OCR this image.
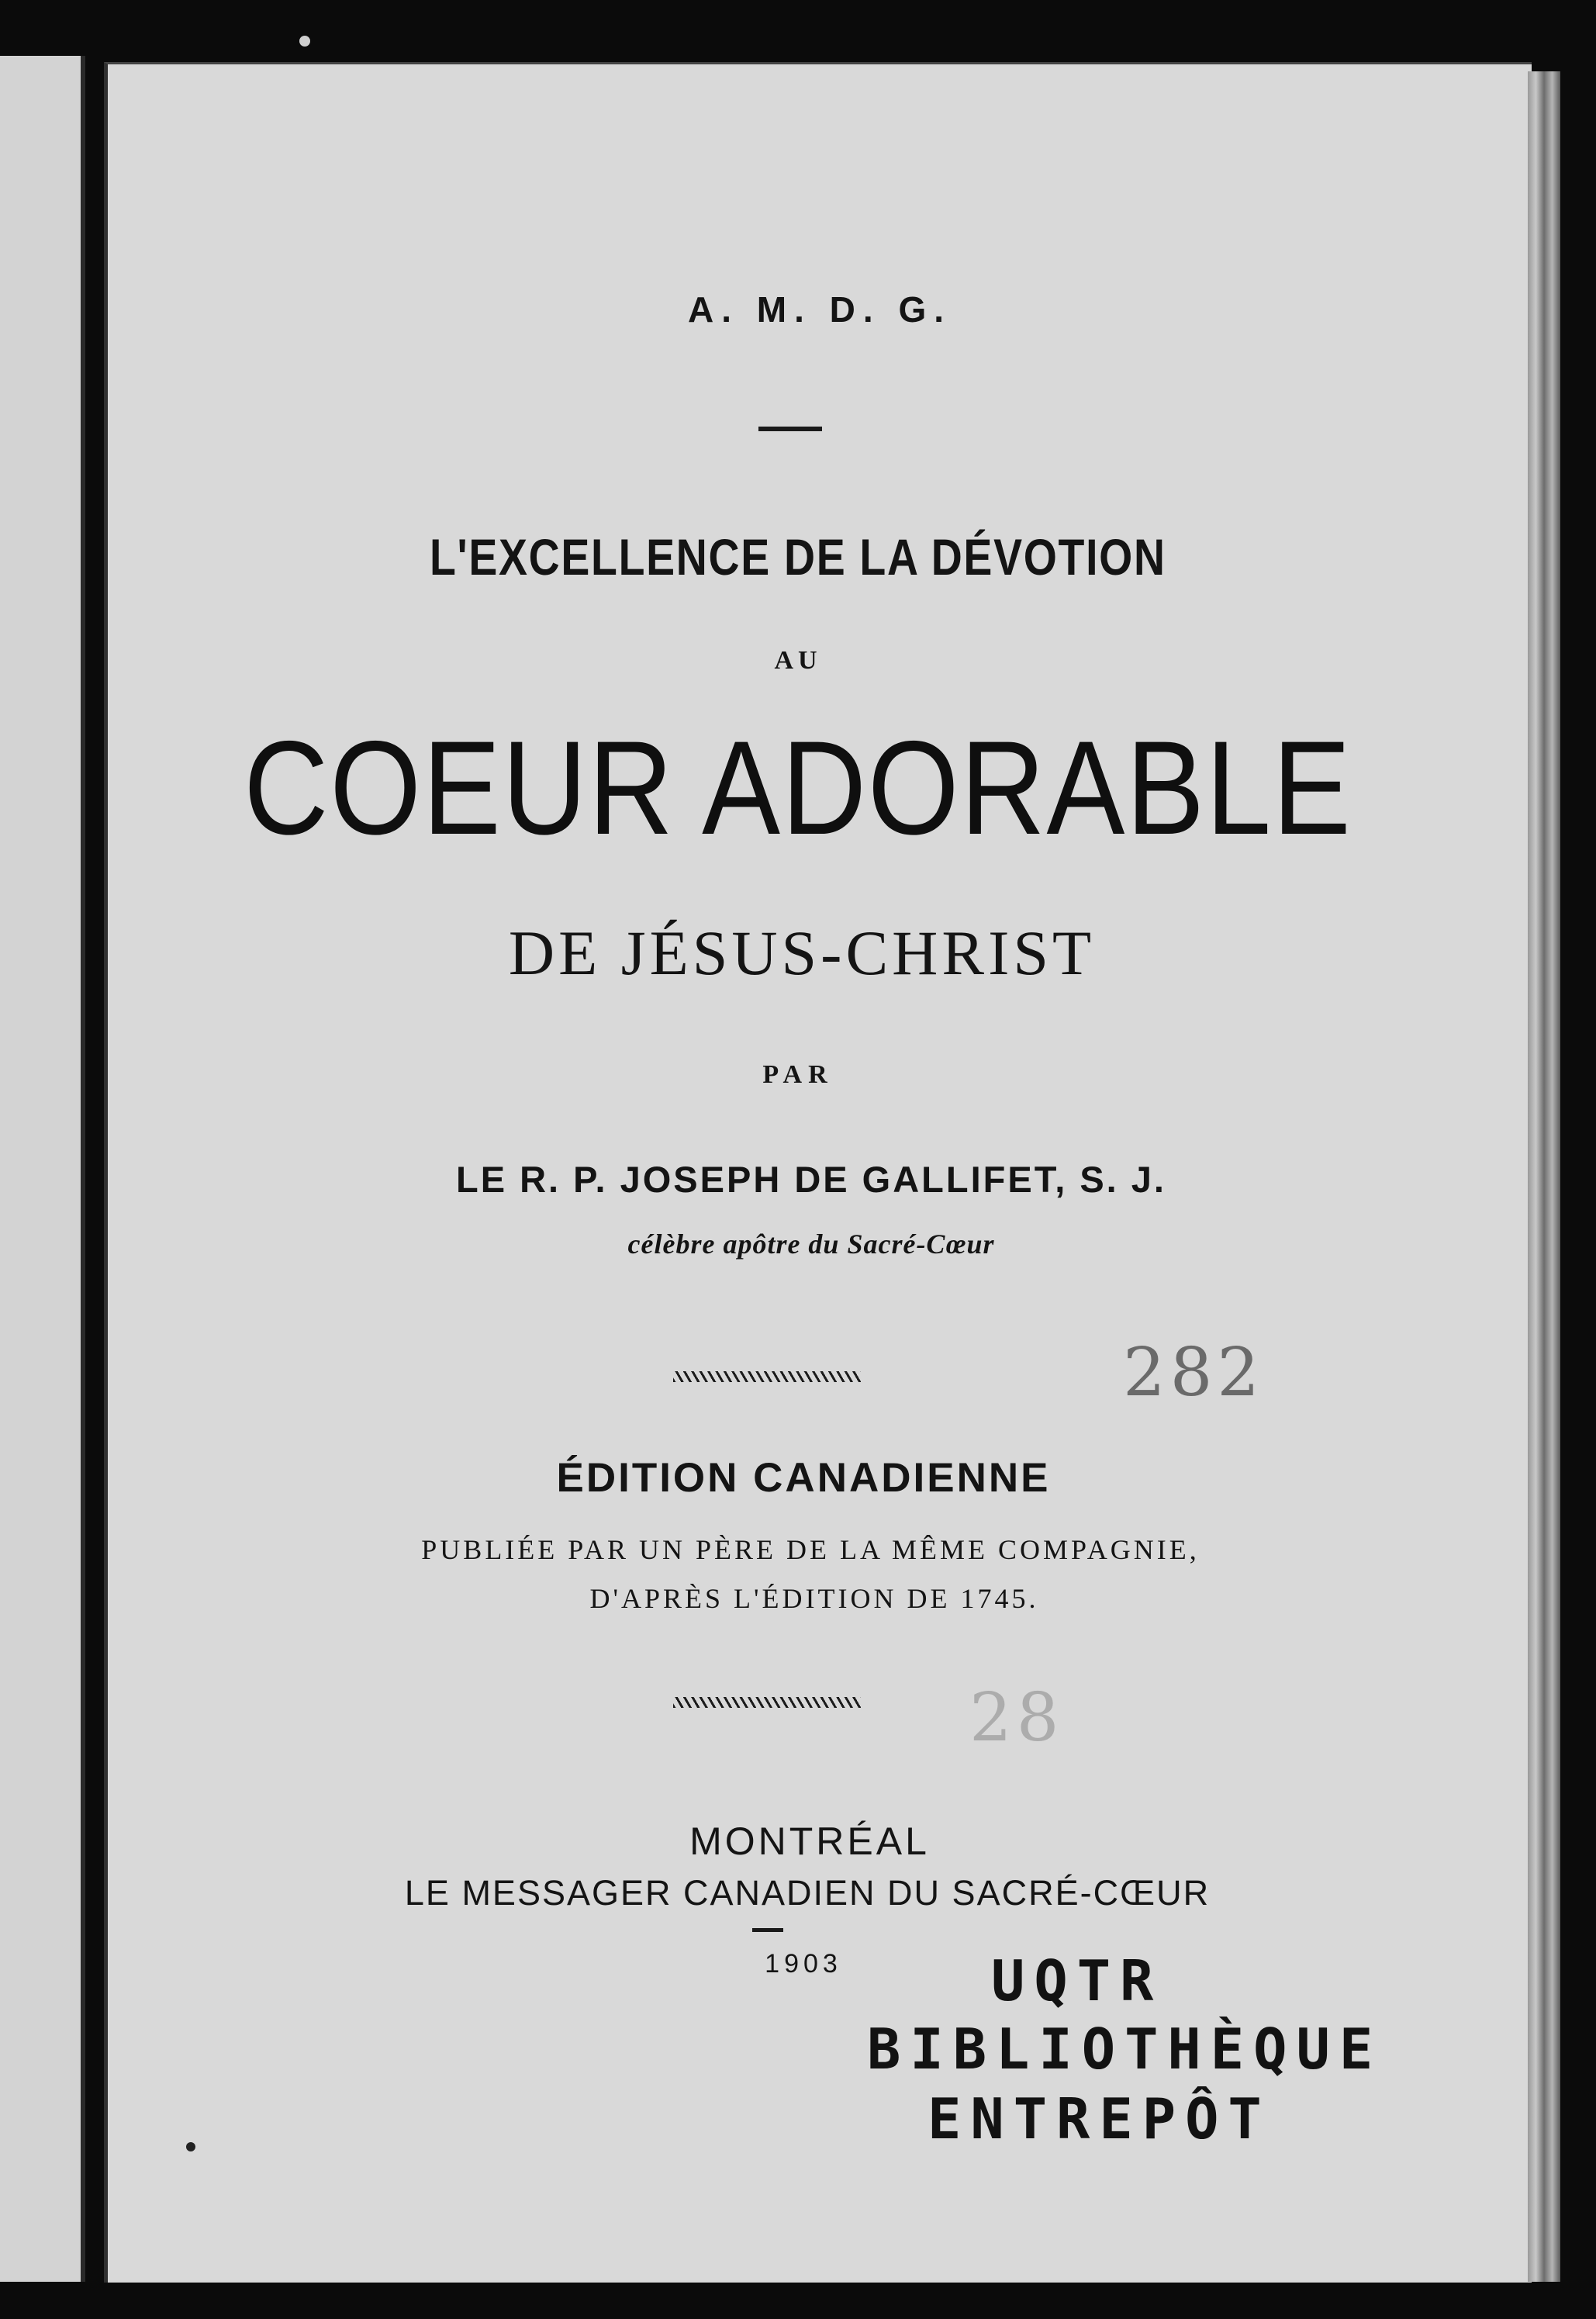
A. M. D. G.
L'EXCELLENCE DE LA DÉVOTION
AU
COEUR ADORABLE
DE JÉSUS-CHRIST
PAR
LE R. P. JOSEPH DE GALLIFET, S. J.
célèbre apôtre du Sacré-Cœur
282
ÉDITION CANADIENNE
PUBLIÉE PAR UN PÈRE DE LA MÊME COMPAGNIE,
D'APRÈS L'ÉDITION DE 1745.
28
MONTRÉAL
LE MESSAGER CANADIEN DU SACRÉ-CŒUR
1903	UQTR
BIBLIOTHÈQUE
ENTREPÔT
